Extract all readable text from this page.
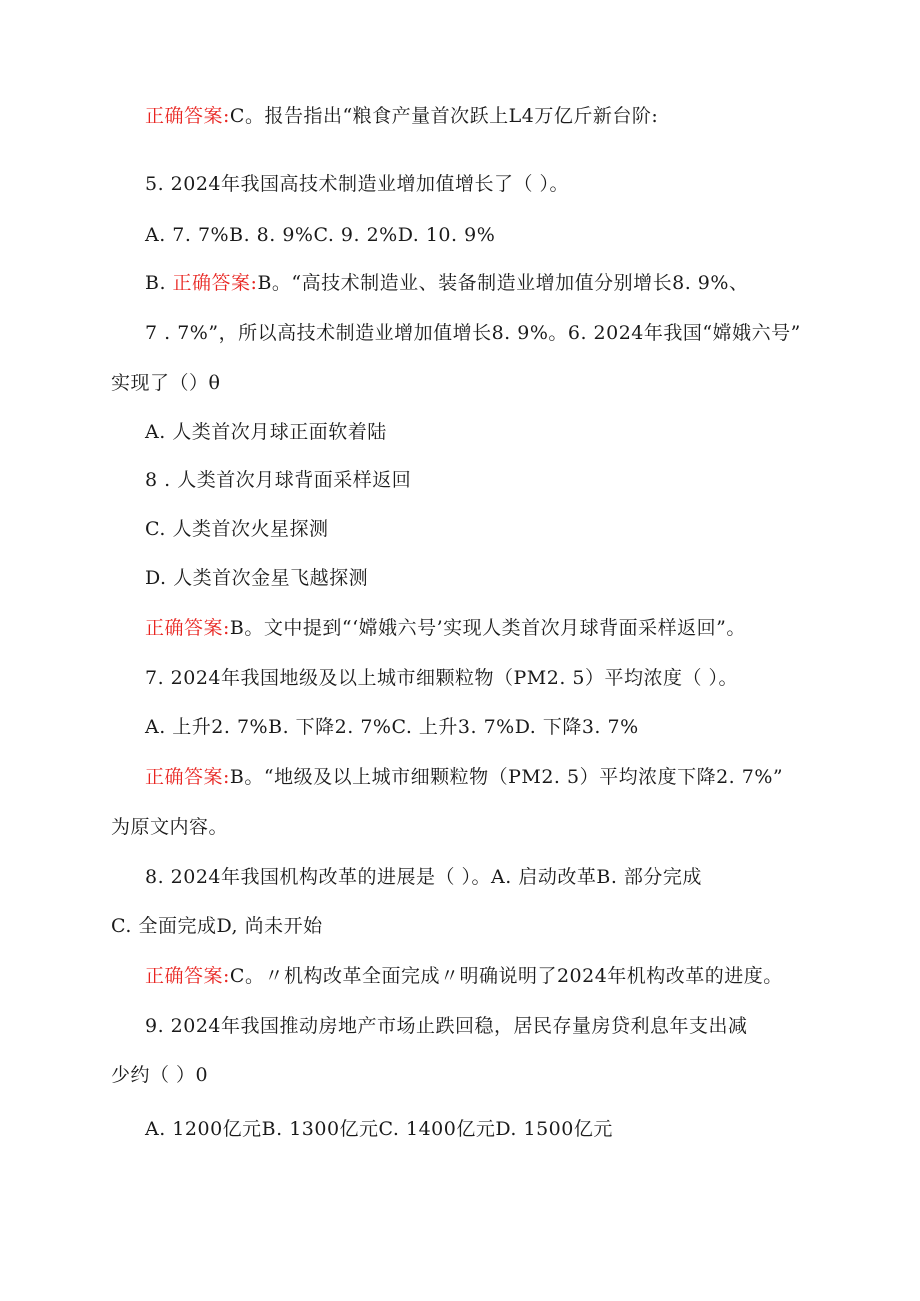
正确答案:C。报告指出“粮食产量首次跃上L4万亿斤新台阶:
5. 2024年我国高技术制造业增加值增长了（ ）。
A. 7. 7%B. 8. 9%C. 9. 2%D. 10. 9%
B. 正确答案:B。“高技术制造业、装备制造业增加值分别增长8. 9%、
7 . 7%”，所以高技术制造业增加值增长8. 9%。6. 2024年我国“嫦娥六号”
实现了（）θ
A. 人类首次月球正面软着陆
8 . 人类首次月球背面采样返回
C. 人类首次火星探测
D. 人类首次金星飞越探测
正确答案:B。文中提到“‘嫦娥六号’实现人类首次月球背面采样返回”。
7. 2024年我国地级及以上城市细颗粒物（PM2. 5）平均浓度（ ）。
A. 上升2. 7%B. 下降2. 7%C. 上升3. 7%D. 下降3. 7%
正确答案:B。“地级及以上城市细颗粒物（PM2. 5）平均浓度下降2. 7%”
为原文内容。
8. 2024年我国机构改革的进展是（ ）。A. 启动改革B. 部分完成
C. 全面完成D, 尚未开始
正确答案:C。〃机构改革全面完成〃明确说明了2024年机构改革的进度。
9. 2024年我国推动房地产市场止跌回稳，居民存量房贷利息年支出减
少约（ ）0
A. 1200亿元B. 1300亿元C. 1400亿元D. 1500亿元
